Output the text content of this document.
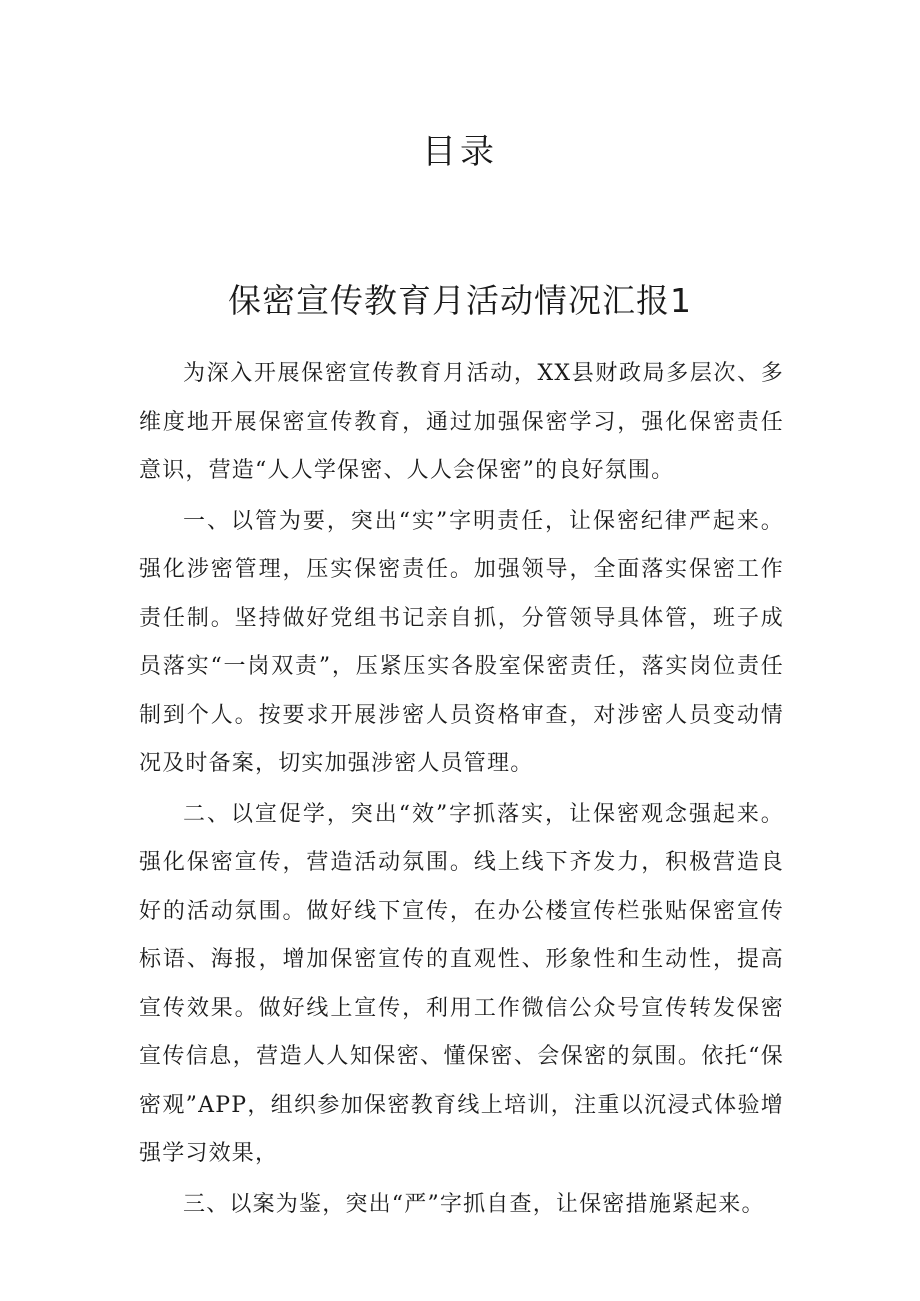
目录
保密宣传教育月活动情况汇报1

为深入开展保密宣传教育月活动，XX县财政局多层次、多维度地开展保密宣传教育，通过加强保密学习，强化保密责任意识，营造“人人学保密、人人会保密”的良好氛围。

一、以管为要，突出“实”字明责任，让保密纪律严起来。强化涉密管理，压实保密责任。加强领导，全面落实保密工作责任制。坚持做好党组书记亲自抓，分管领导具体管，班子成员落实“一岗双责”，压紧压实各股室保密责任，落实岗位责任制到个人。按要求开展涉密人员资格审查，对涉密人员变动情况及时备案，切实加强涉密人员管理。

二、以宣促学，突出“效”字抓落实，让保密观念强起来。强化保密宣传，营造活动氛围。线上线下齐发力，积极营造良好的活动氛围。做好线下宣传，在办公楼宣传栏张贴保密宣传标语、海报，增加保密宣传的直观性、形象性和生动性，提高宣传效果。做好线上宣传，利用工作微信公众号宣传转发保密宣传信息，营造人人知保密、懂保密、会保密的氛围。依托“保密观”APP，组织参加保密教育线上培训，注重以沉浸式体验增强学习效果，

三、以案为鉴，突出“严”字抓自查，让保密措施紧起来。
